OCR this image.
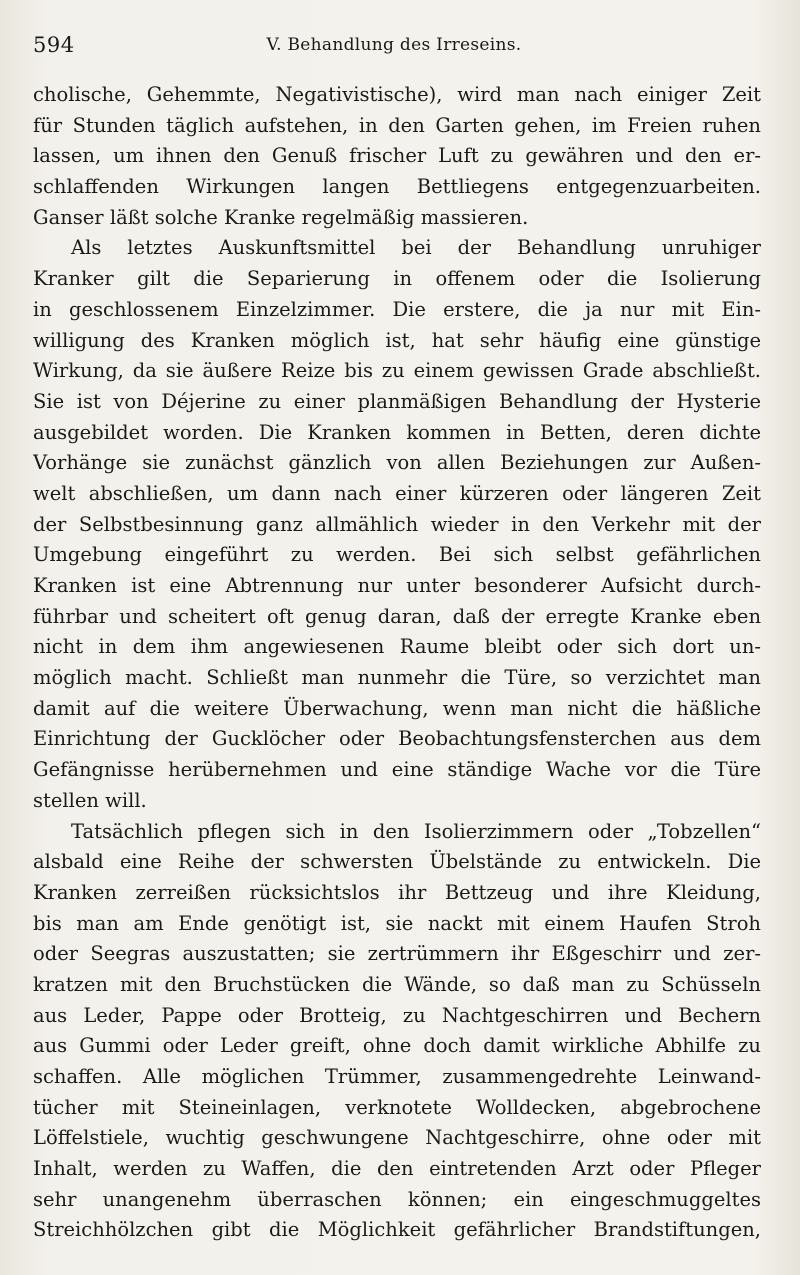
594	V. Behandlung des Irreseins.
cholische, Gehemmte, Negativistische), wird man nach einiger Zeit
für Stunden täglich aufstehen, in den Garten gehen, im Freien ruhen
lassen, um ihnen den Genuß frischer Luft zu gewähren und den er-
schlaffenden Wirkungen langen Bettliegens entgegenzuarbeiten.
Ganser läßt solche Kranke regelmäßig massieren.
Als letztes Auskunftsmittel bei der Behandlung unruhiger
Kranker gilt die Separierung in offenem oder die Isolierung
in geschlossenem Einzelzimmer. Die erstere, die ja nur mit Ein-
willigung des Kranken möglich ist, hat sehr häufig eine günstige
Wirkung, da sie äußere Reize bis zu einem gewissen Grade abschließt.
Sie ist von Déjerine zu einer planmäßigen Behandlung der Hysterie
ausgebildet worden. Die Kranken kommen in Betten, deren dichte
Vorhänge sie zunächst gänzlich von allen Beziehungen zur Außen-
welt abschließen, um dann nach einer kürzeren oder längeren Zeit
der Selbstbesinnung ganz allmählich wieder in den Verkehr mit der
Umgebung eingeführt zu werden. Bei sich selbst gefährlichen
Kranken ist eine Abtrennung nur unter besonderer Aufsicht durch-
führbar und scheitert oft genug daran, daß der erregte Kranke eben
nicht in dem ihm angewiesenen Raume bleibt oder sich dort un-
möglich macht. Schließt man nunmehr die Türe, so verzichtet man
damit auf die weitere Überwachung, wenn man nicht die häßliche
Einrichtung der Gucklöcher oder Beobachtungsfensterchen aus dem
Gefängnisse herübernehmen und eine ständige Wache vor die Türe
stellen will.
Tatsächlich pflegen sich in den Isolierzimmern oder „Tobzellen“
alsbald eine Reihe der schwersten Übelstände zu entwickeln. Die
Kranken zerreißen rücksichtslos ihr Bettzeug und ihre Kleidung,
bis man am Ende genötigt ist, sie nackt mit einem Haufen Stroh
oder Seegras auszustatten; sie zertrümmern ihr Eßgeschirr und zer-
kratzen mit den Bruchstücken die Wände, so daß man zu Schüsseln
aus Leder, Pappe oder Brotteig, zu Nachtgeschirren und Bechern
aus Gummi oder Leder greift, ohne doch damit wirkliche Abhilfe zu
schaffen. Alle möglichen Trümmer, zusammengedrehte Leinwand-
tücher mit Steineinlagen, verknotete Wolldecken, abgebrochene
Löffelstiele, wuchtig geschwungene Nachtgeschirre, ohne oder mit
Inhalt, werden zu Waffen, die den eintretenden Arzt oder Pfleger
sehr unangenehm überraschen können; ein eingeschmuggeltes
Streichhölzchen gibt die Möglichkeit gefährlicher Brandstiftungen,
